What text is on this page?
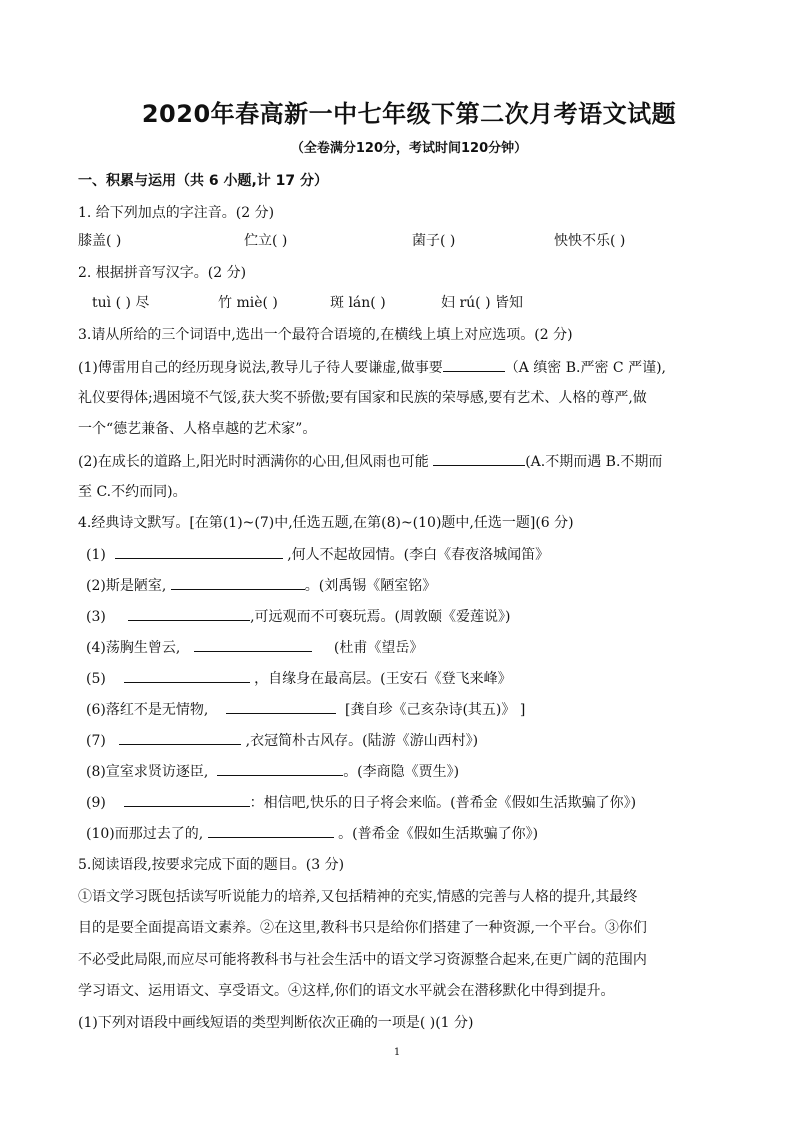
2020年春高新一中七年级下第二次月考语文试题
（全卷满分120分，考试时间120分钟）
一、积累与运用（共 6 小题,计 17 分）
1. 给下列加点的字注音。(2 分)
膝盖( )	伫立( )	菌子( )	怏怏不乐( )
2. 根据拼音写汉字。(2 分)
tuì ( ) 尽	竹 miè( )	斑 lán( )	妇 rú( ) 皆知
3.请从所给的三个词语中,选出一个最符合语境的,在横线上填上对应选项。(2 分)
(1)傅雷用自己的经历现身说法,教导儿子待人要谦虚,做事要	（A 缜密 B.严密 C 严谨),
礼仪要得体;遇困境不气馁,获大奖不骄傲;要有国家和民族的荣辱感,要有艺术、人格的尊严,做
一个“德艺兼备、人格卓越的艺术家”。
(2)在成长的道路上,阳光时时洒满你的心田,但风雨也可能	(A.不期而遇 B.不期而
至 C.不约而同)。
4.经典诗文默写。[在第(1)~(7)中,任选五题,在第(8)~(10)题中,任选一题](6 分)
(1)	,何人不起故园情。(李白《春夜洛城闻笛》
(2)斯是陋室,	。(刘禹锡《陋室铭》
(3)	,可远观而不可亵玩焉。(周敦颐《爱莲说》)
(4)荡胸生曾云,	(杜甫《望岳》
(5)	，自缘身在最高层。(王安石《登飞来峰》
(6)落红不是无情物,	[龚自珍《己亥杂诗(其五)》 ]
(7)	,衣冠简朴古风存。(陆游《游山西村》)
(8)宣室求贤访逐臣,	。(李商隐《贾生》)
(9)	：相信吧,快乐的日子将会来临。(普希金《假如生活欺骗了你》)
(10)而那过去了的,	。(普希金《假如生活欺骗了你》)
5.阅读语段,按要求完成下面的题目。(3 分)
①语文学习既包括读写听说能力的培养,又包括精神的充实,情感的完善与人格的提升,其最终
目的是要全面提高语文素养。②在这里,教科书只是给你们搭建了一种资源,一个平台。③你们
不必受此局限,而应尽可能将教科书与社会生活中的语文学习资源整合起来,在更广阔的范围内
学习语文、运用语文、享受语文。④这样,你们的语文水平就会在潜移默化中得到提升。
(1)下列对语段中画线短语的类型判断依次正确的一项是( )(1 分)
1
